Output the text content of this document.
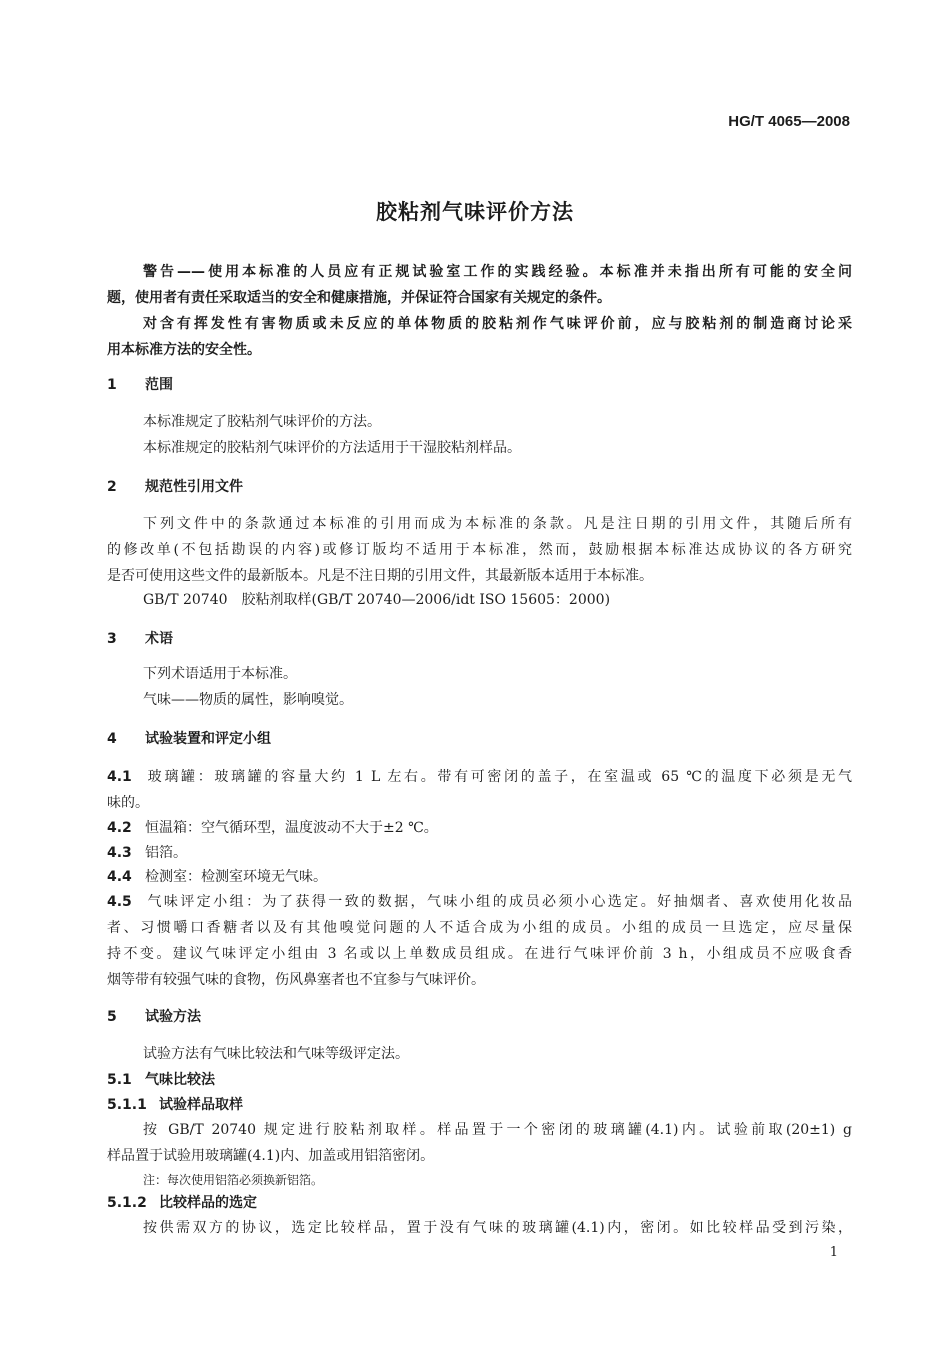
HG/T 4065—2008
胶粘剂气味评价方法
警告——使用本标准的人员应有正规试验室工作的实践经验。本标准并未指出所有可能的安全问
题，使用者有责任采取适当的安全和健康措施，并保证符合国家有关规定的条件。
对含有挥发性有害物质或未反应的单体物质的胶粘剂作气味评价前，应与胶粘剂的制造商讨论采
用本标准方法的安全性。
1 范围
本标准规定了胶粘剂气味评价的方法。
本标准规定的胶粘剂气味评价的方法适用于干湿胶粘剂样品。
2 规范性引用文件
下列文件中的条款通过本标准的引用而成为本标准的条款。凡是注日期的引用文件，其随后所有
的修改单(不包括勘误的内容)或修订版均不适用于本标准，然而，鼓励根据本标准达成协议的各方研究
是否可使用这些文件的最新版本。凡是不注日期的引用文件，其最新版本适用于本标准。
GB/T 20740 胶粘剂取样(GB/T 20740—2006/idt ISO 15605：2000)
3 术语
下列术语适用于本标准。
气味——物质的属性，影响嗅觉。
4 试验装置和评定小组
4.1 玻璃罐：玻璃罐的容量大约 1 L 左右。带有可密闭的盖子，在室温或 65 ℃的温度下必须是无气
味的。
4.2 恒温箱：空气循环型，温度波动不大于±2 ℃。
4.3 铝箔。
4.4 检测室：检测室环境无气味。
4.5 气味评定小组：为了获得一致的数据，气味小组的成员必须小心选定。好抽烟者、喜欢使用化妆品
者、习惯嚼口香糖者以及有其他嗅觉问题的人不适合成为小组的成员。小组的成员一旦选定，应尽量保
持不变。建议气味评定小组由 3 名或以上单数成员组成。在进行气味评价前 3 h，小组成员不应吸食香
烟等带有较强气味的食物，伤风鼻塞者也不宜参与气味评价。
5 试验方法
试验方法有气味比较法和气味等级评定法。
5.1 气味比较法
5.1.1 试验样品取样
按 GB/T 20740 规定进行胶粘剂取样。样品置于一个密闭的玻璃罐(4.1)内。试验前取(20±1) g
样品置于试验用玻璃罐(4.1)内、加盖或用铝箔密闭。
注：每次使用铝箔必须换新铝箔。
5.1.2 比较样品的选定
按供需双方的协议，选定比较样品，置于没有气味的玻璃罐(4.1)内，密闭。如比较样品受到污染，
1
